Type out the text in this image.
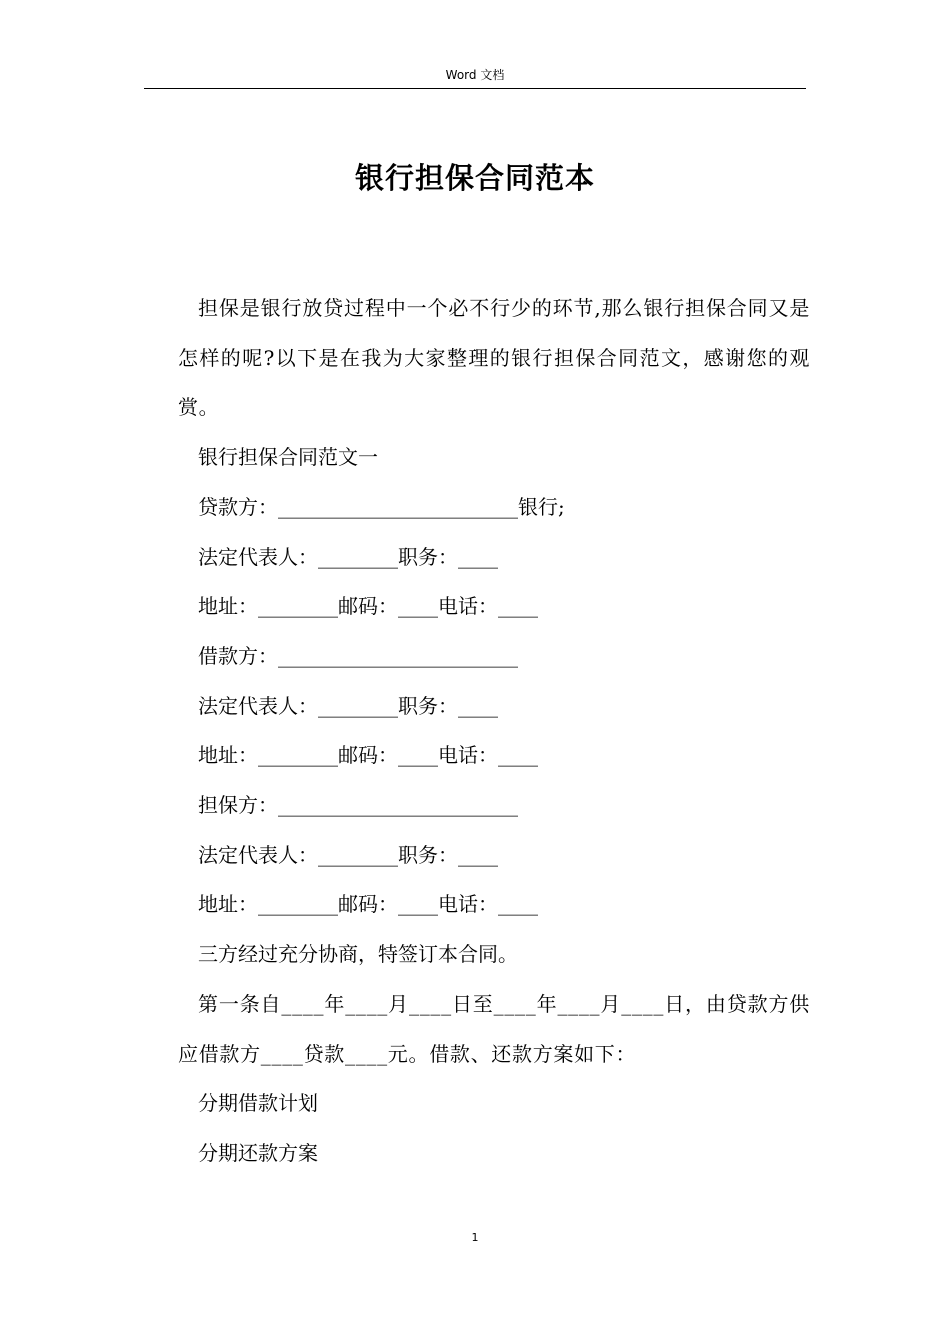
Word 文档
银行担保合同范本

担保是银行放贷过程中一个必不行少的环节,那么银行担保合同又是怎样的呢?以下是在我为大家整理的银行担保合同范文，感谢您的观赏。

银行担保合同范文一

贷款方：________________________银行;

法定代表人：________职务：____

地址：________邮码：____电话：____

借款方：________________________

法定代表人：________职务：____

地址：________邮码：____电话：____

担保方：________________________

法定代表人：________职务：____

地址：________邮码：____电话：____

三方经过充分协商，特签订本合同。

第一条自____年____月____日至____年____月____日，由贷款方供应借款方____贷款____元。借款、还款方案如下：

分期借款计划

分期还款方案

1
